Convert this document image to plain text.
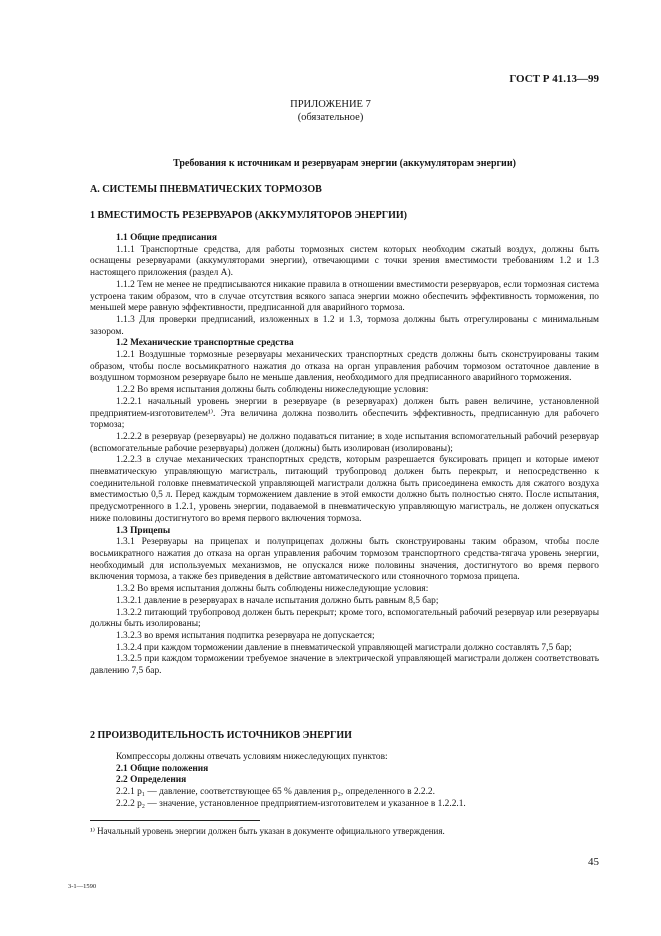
ГОСТ Р 41.13—99
ПРИЛОЖЕНИЕ 7
(обязательное)
Требования к источникам и резервуарам энергии (аккумуляторам энергии)
А. СИСТЕМЫ ПНЕВМАТИЧЕСКИХ ТОРМОЗОВ
1 ВМЕСТИМОСТЬ РЕЗЕРВУАРОВ (АККУМУЛЯТОРОВ ЭНЕРГИИ)

1.1 Общие предписания

1.1.1 Транспортные средства, для работы тормозных систем которых необходим сжатый воздух, должны быть оснащены резервуарами (аккумуляторами энергии), отвечающими с точки зрения вместимости требованиям 1.2 и 1.3 настоящего приложения (раздел А).

1.1.2 Тем не менее не предписываются никакие правила в отношении вместимости резервуаров, если тормозная система устроена таким образом, что в случае отсутствия всякого запаса энергии можно обеспечить эффективность торможения, по меньшей мере равную эффективности, предписанной для аварийного тормоза.

1.1.3 Для проверки предписаний, изложенных в 1.2 и 1.3, тормоза должны быть отрегулированы с минимальным зазором.

1.2 Механические транспортные средства

1.2.1 Воздушные тормозные резервуары механических транспортных средств должны быть сконструированы таким образом, чтобы после восьмикратного нажатия до отказа на орган управления рабочим тормозом остаточное давление в воздушном тормозном резервуаре было не меньше давления, необходимого для предписанного аварийного торможения.

1.2.2 Во время испытания должны быть соблюдены нижеследующие условия:

1.2.2.1 начальный уровень энергии в резервуаре (в резервуарах) должен быть равен величине, установленной предприятием-изготовителем¹⁾. Эта величина должна позволить обеспечить эффективность, предписанную для рабочего тормоза;

1.2.2.2 в резервуар (резервуары) не должно подаваться питание; в ходе испытания вспомогательный рабочий резервуар (вспомогательные рабочие резервуары) должен (должны) быть изолирован (изолированы);

1.2.2.3 в случае механических транспортных средств, которым разрешается буксировать прицеп и которые имеют пневматическую управляющую магистраль, питающий трубопровод должен быть перекрыт, и непосредственно к соединительной головке пневматической управляющей магистрали должна быть присоединена емкость для сжатого воздуха вместимостью 0,5 л. Перед каждым торможением давление в этой емкости должно быть полностью снято. После испытания, предусмотренного в 1.2.1, уровень энергии, подаваемой в пневматическую управляющую магистраль, не должен опускаться ниже половины достигнутого во время первого включения тормоза.

1.3 Прицепы

1.3.1 Резервуары на прицепах и полуприцепах должны быть сконструированы таким образом, чтобы после восьмикратного нажатия до отказа на орган управления рабочим тормозом транспортного средства-тягача уровень энергии, необходимый для используемых механизмов, не опускался ниже половины значения, достигнутого во время первого включения тормоза, а также без приведения в действие автоматического или стояночного тормоза прицепа.

1.3.2 Во время испытания должны быть соблюдены нижеследующие условия:

1.3.2.1 давление в резервуарах в начале испытания должно быть равным 8,5 бар;

1.3.2.2 питающий трубопровод должен быть перекрыт; кроме того, вспомогательный рабочий резервуар или резервуары должны быть изолированы;

1.3.2.3 во время испытания подпитка резервуара не допускается;

1.3.2.4 при каждом торможении давление в пневматической управляющей магистрали должно составлять 7,5 бар;

1.3.2.5 при каждом торможении требуемое значение в электрической управляющей магистрали должен соответствовать давлению 7,5 бар.

2 ПРОИЗВОДИТЕЛЬНОСТЬ ИСТОЧНИКОВ ЭНЕРГИИ

Компрессоры должны отвечать условиям нижеследующих пунктов:

2.1 Общие положения

2.2 Определения

2.2.1 p₁ — давление, соответствующее 65 % давления p₂, определенного в 2.2.2.

2.2.2 p₂ — значение, установленное предприятием-изготовителем и указанное в 1.2.2.1.

¹⁾ Начальный уровень энергии должен быть указан в документе официального утверждения.
45
3-1—1590
